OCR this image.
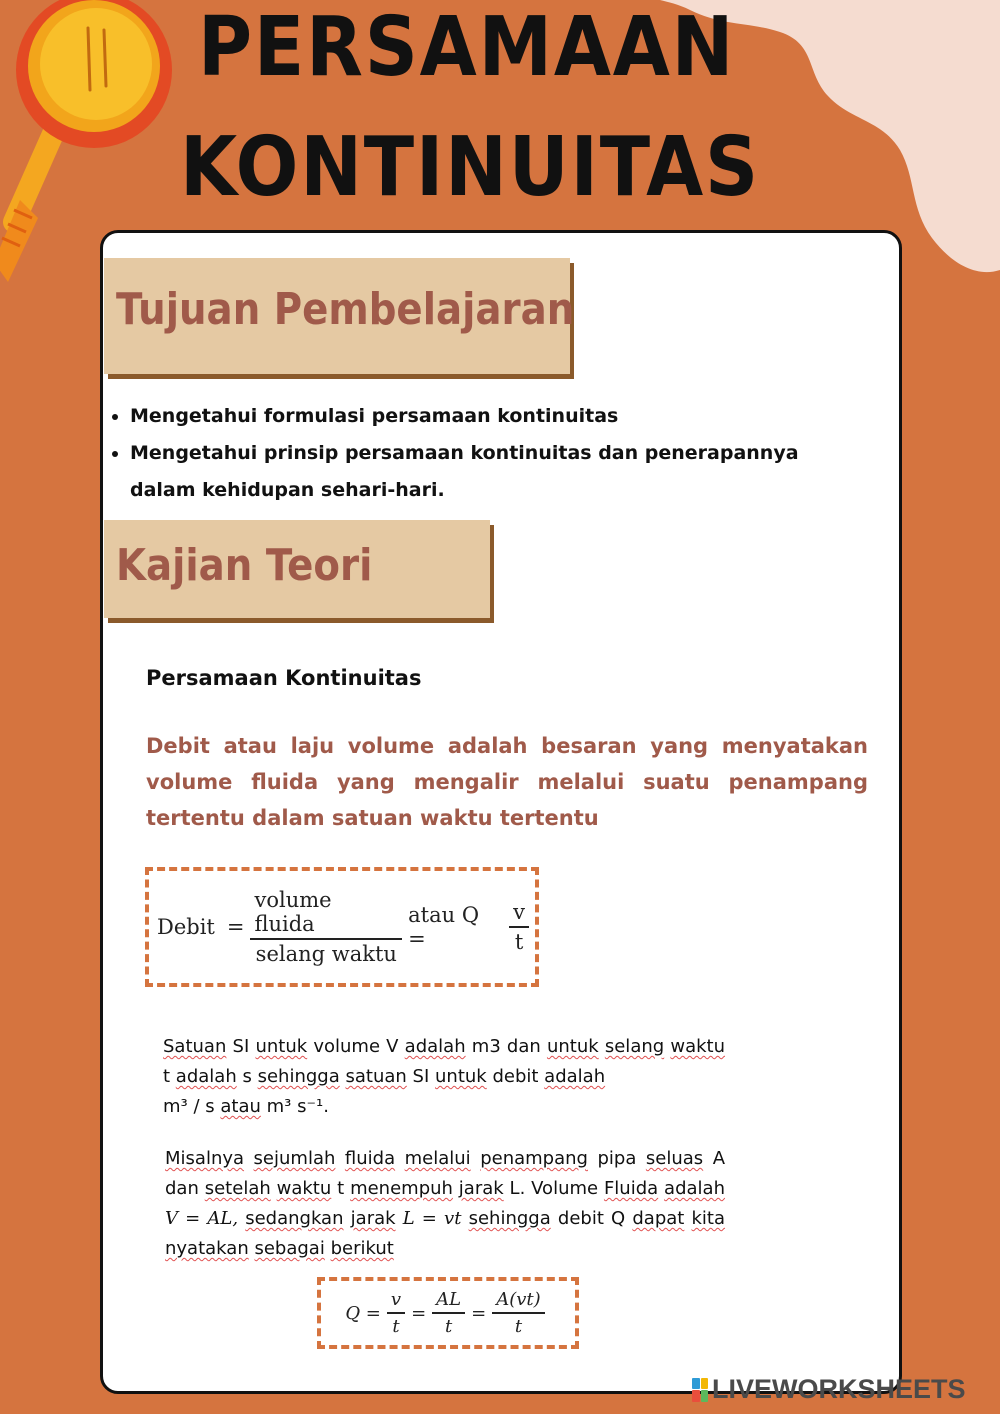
PERSAMAAN
KONTINUITAS
Tujuan Pembelajaran
• Mengetahui formulasi persamaan kontinuitas
• Mengetahui prinsip persamaan kontinuitas dan penerapannya dalam kehidupan sehari-hari.
Kajian Teori
Persamaan Kontinuitas

Debit atau laju volume adalah besaran yang menyatakan volume fluida yang mengalir melalui suatu penampang tertentu dalam satuan waktu tertentu

Debit = $\frac{\text{volume fluida}}{\text{selang waktu}}$ atau Q =	$\frac{v}{t}$

Satuan SI untuk volume V adalah m3 dan untuk selang waktu t adalah s sehingga satuan SI untuk debit adalah
m³ / s atau m³ s⁻¹.

Misalnya sejumlah fluida melalui penampang pipa seluas A dan setelah waktu t menempuh jarak L. Volume Fluida adalah V = AL, sedangkan jarak L = vt sehingga debit Q dapat kita nyatakan sebagai berikut

$Q = \frac{v}{t} = \frac{AL}{t} = \frac{A(vt)}{t}$
LIVEWORKSHEETS
